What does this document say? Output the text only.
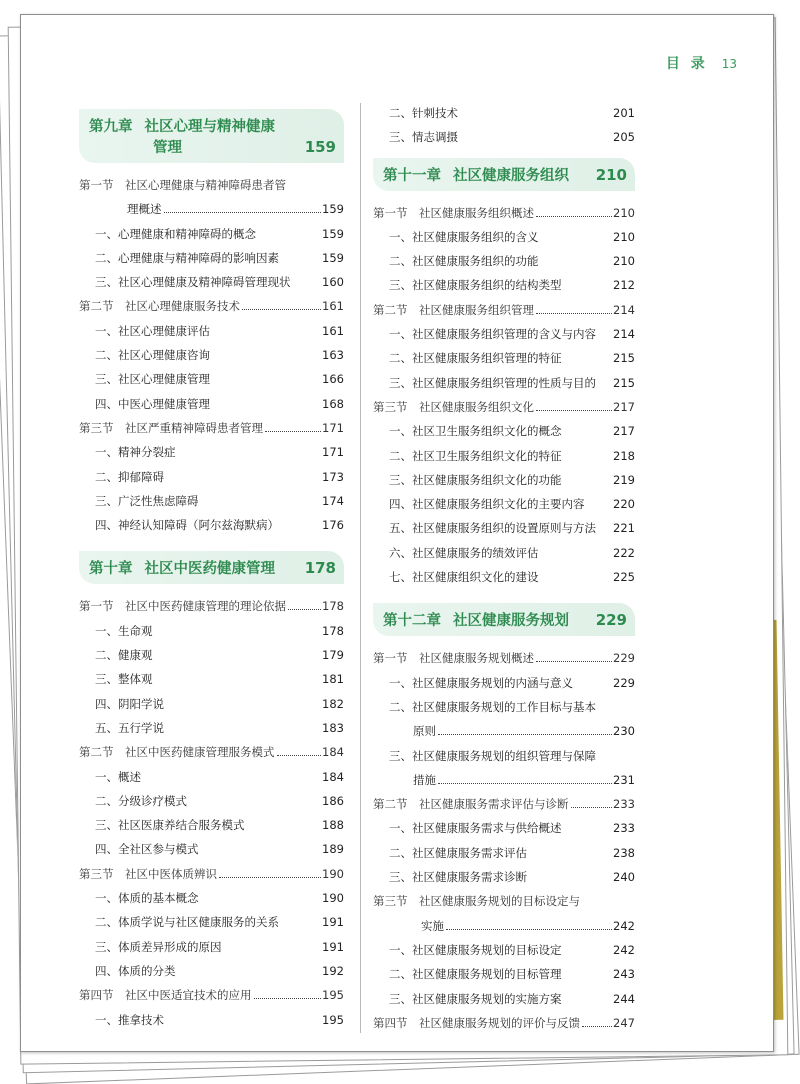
目 录 13
第九章 社区心理与精神健康
管理	159
第一节　社区心理健康与精神障碍患者管
理概述	159
一、心理健康和精神障碍的概念	159
二、心理健康与精神障碍的影响因素	159
三、社区心理健康及精神障碍管理现状	160
第二节　社区心理健康服务技术	161
一、社区心理健康评估	161
二、社区心理健康咨询	163
三、社区心理健康管理	166
四、中医心理健康管理	168
第三节　社区严重精神障碍患者管理	171
一、精神分裂症	171
二、抑郁障碍	173
三、广泛性焦虑障碍	174
四、神经认知障碍（阿尔兹海默病）	176
第十章 社区中医药健康管理 178
第一节　社区中医药健康管理的理论依据	178
一、生命观	178
二、健康观	179
三、整体观	181
四、阴阳学说	182
五、五行学说	183
第二节　社区中医药健康管理服务模式	184
一、概述	184
二、分级诊疗模式	186
三、社区医康养结合服务模式	188
四、全社区参与模式	189
第三节　社区中医体质辨识	190
一、体质的基本概念	190
二、体质学说与社区健康服务的关系	191
三、体质差异形成的原因	191
四、体质的分类	192
第四节　社区中医适宜技术的应用	195
一、推拿技术	195
二、针刺技术	201
三、情志调摄	205
第十一章 社区健康服务组织 210
第一节　社区健康服务组织概述	210
一、社区健康服务组织的含义	210
二、社区健康服务组织的功能	210
三、社区健康服务组织的结构类型	212
第二节　社区健康服务组织管理	214
一、社区健康服务组织管理的含义与内容 214
二、社区健康服务组织管理的特征	215
三、社区健康服务组织管理的性质与目的 215
第三节　社区健康服务组织文化	217
一、社区卫生服务组织文化的概念	217
二、社区卫生服务组织文化的特征	218
三、社区健康服务组织文化的功能	219
四、社区健康服务组织文化的主要内容 220
五、社区健康服务组织的设置原则与方法 221
六、社区健康服务的绩效评估	222
七、社区健康组织文化的建设	225
第十二章 社区健康服务规划 229
第一节　社区健康服务规划概述	229
一、社区健康服务规划的内涵与意义	229
二、社区健康服务规划的工作目标与基本
原则	230
三、社区健康服务规划的组织管理与保障
措施	231
第二节　社区健康服务需求评估与诊断	233
一、社区健康服务需求与供给概述	233
二、社区健康服务需求评估	238
三、社区健康服务需求诊断	240
第三节　社区健康服务规划的目标设定与
实施	242
一、社区健康服务规划的目标设定	242
二、社区健康服务规划的目标管理	243
三、社区健康服务规划的实施方案	244
第四节　社区健康服务规划的评价与反馈	247
